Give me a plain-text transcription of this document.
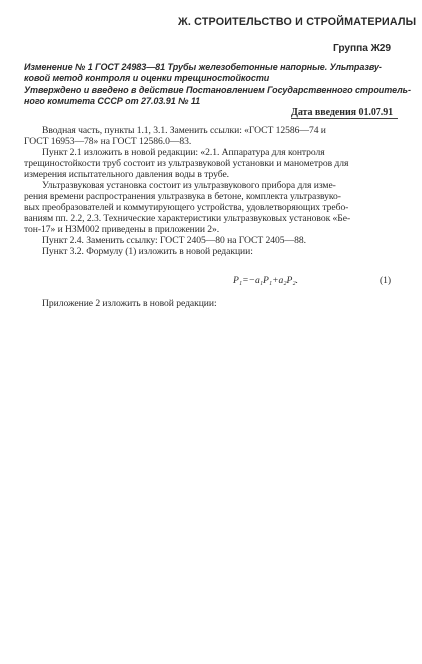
Ж. СТРОИТЕЛЬСТВО И СТРОЙМАТЕРИАЛЫ
Группа Ж29
Изменение № 1 ГОСТ 24983—81 Трубы железобетонные напорные. Ультразву-
ковой метод контроля и оценки трещиностойкости
Утверждено и введено в действие Постановлением Государственного строитель-
ного комитета СССР от 27.03.91 № 11
Дата введения 01.07.91
Вводная часть, пункты 1.1, 3.1. Заменить ссылки: «ГОСТ 12586—74 и
ГОСТ 16953—78» на ГОСТ 12586.0—83.
Пункт 2.1 изложить в новой редакции: «2.1. Аппаратура для контроля
трещиностойкости труб состоит из ультразвуковой установки и манометров для
измерения испытательного давления воды в трубе.
Ультразвуковая установка состоит из ультразвукового прибора для изме-
рения времени распространения ультразвука в бетоне, комплекта ультразвуко-
вых преобразователей и коммутирующего устройства, удовлетворяющих требо-
ваниям пп. 2.2, 2.3. Технические характеристики ультразвуковых установок «Бе-
тон-17» и НЗМ002 приведены в приложении 2».
Пункт 2.4. Заменить ссылку: ГОСТ 2405—80 на ГОСТ 2405—88.
Пункт 3.2. Формулу (1) изложить в новой редакции:
P₁=−a₁P₁+a₂P₂.	(1)
Приложение 2 изложить в новой редакции:
